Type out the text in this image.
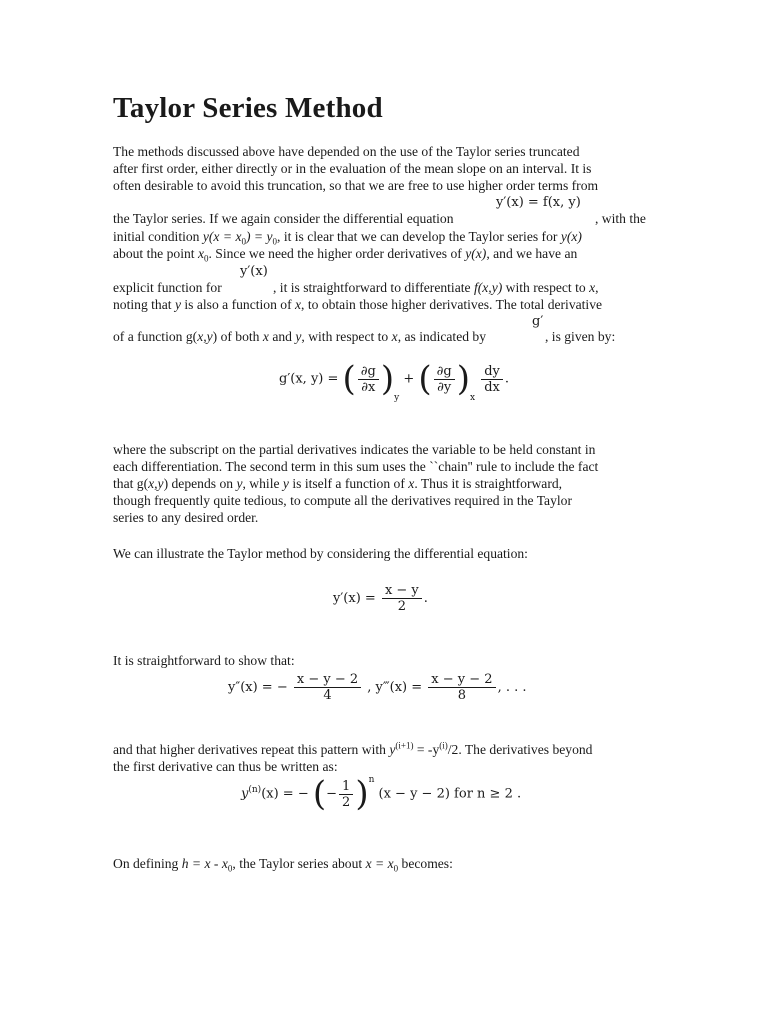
Taylor Series Method
The methods discussed above have depended on the use of the Taylor series truncated
after first order, either directly or in the evaluation of the mean slope on an interval. It is
often desirable to avoid this truncation, so that we are free to use higher order terms from
y′(x) = f(x, y)
the Taylor series. If we again consider the differential equation	, with the
initial condition $y(x = x_0) = y_0$, it is clear that we can develop the Taylor series for y(x)
about the point $x_0$. Since we need the higher order derivatives of y(x), and we have an
y′(x)
explicit function for	, it is straightforward to differentiate f(x,y) with respect to x,
noting that y is also a function of x, to obtain those higher derivatives. The total derivative
g′
of a function g(x,y) of both x and y, with respect to x, as indicated by	, is given by:
g′(x, y) = ( $\frac{\partial g}{\partial x} )_y$ + ( $\frac{\partial g}{\partial y} )_x$
$\frac{dy}{dx}$ .
where the subscript on the partial derivatives indicates the variable to be held constant in
each differentiation. The second term in this sum uses the ``chain'' rule to include the fact
that g(x,y) depends on y, while y is itself a function of x. Thus it is straightforward,
though frequently quite tedious, to compute all the derivatives required in the Taylor
series to any desired order.
We can illustrate the Taylor method by considering the differential equation:
$y'(x) = \frac{x - y}{2}$ .
It is straightforward to show that:
y″(x) = − $\frac{x - y - 2}{4}$ , y‴(x) = $\frac{x - y - 2}{8}$ , . . .
and that higher derivatives repeat this pattern with $y^{(i+1)} = -y^{(i)}/2$. The derivatives beyond
the first derivative can thus be written as:
$y^{(n)}(x)$ = − (− $\frac{1}{2} )^n$ (x − y − 2) for n ≥ 2 .
On defining $h = x - x_0$, the Taylor series about $x = x_0$ becomes:
